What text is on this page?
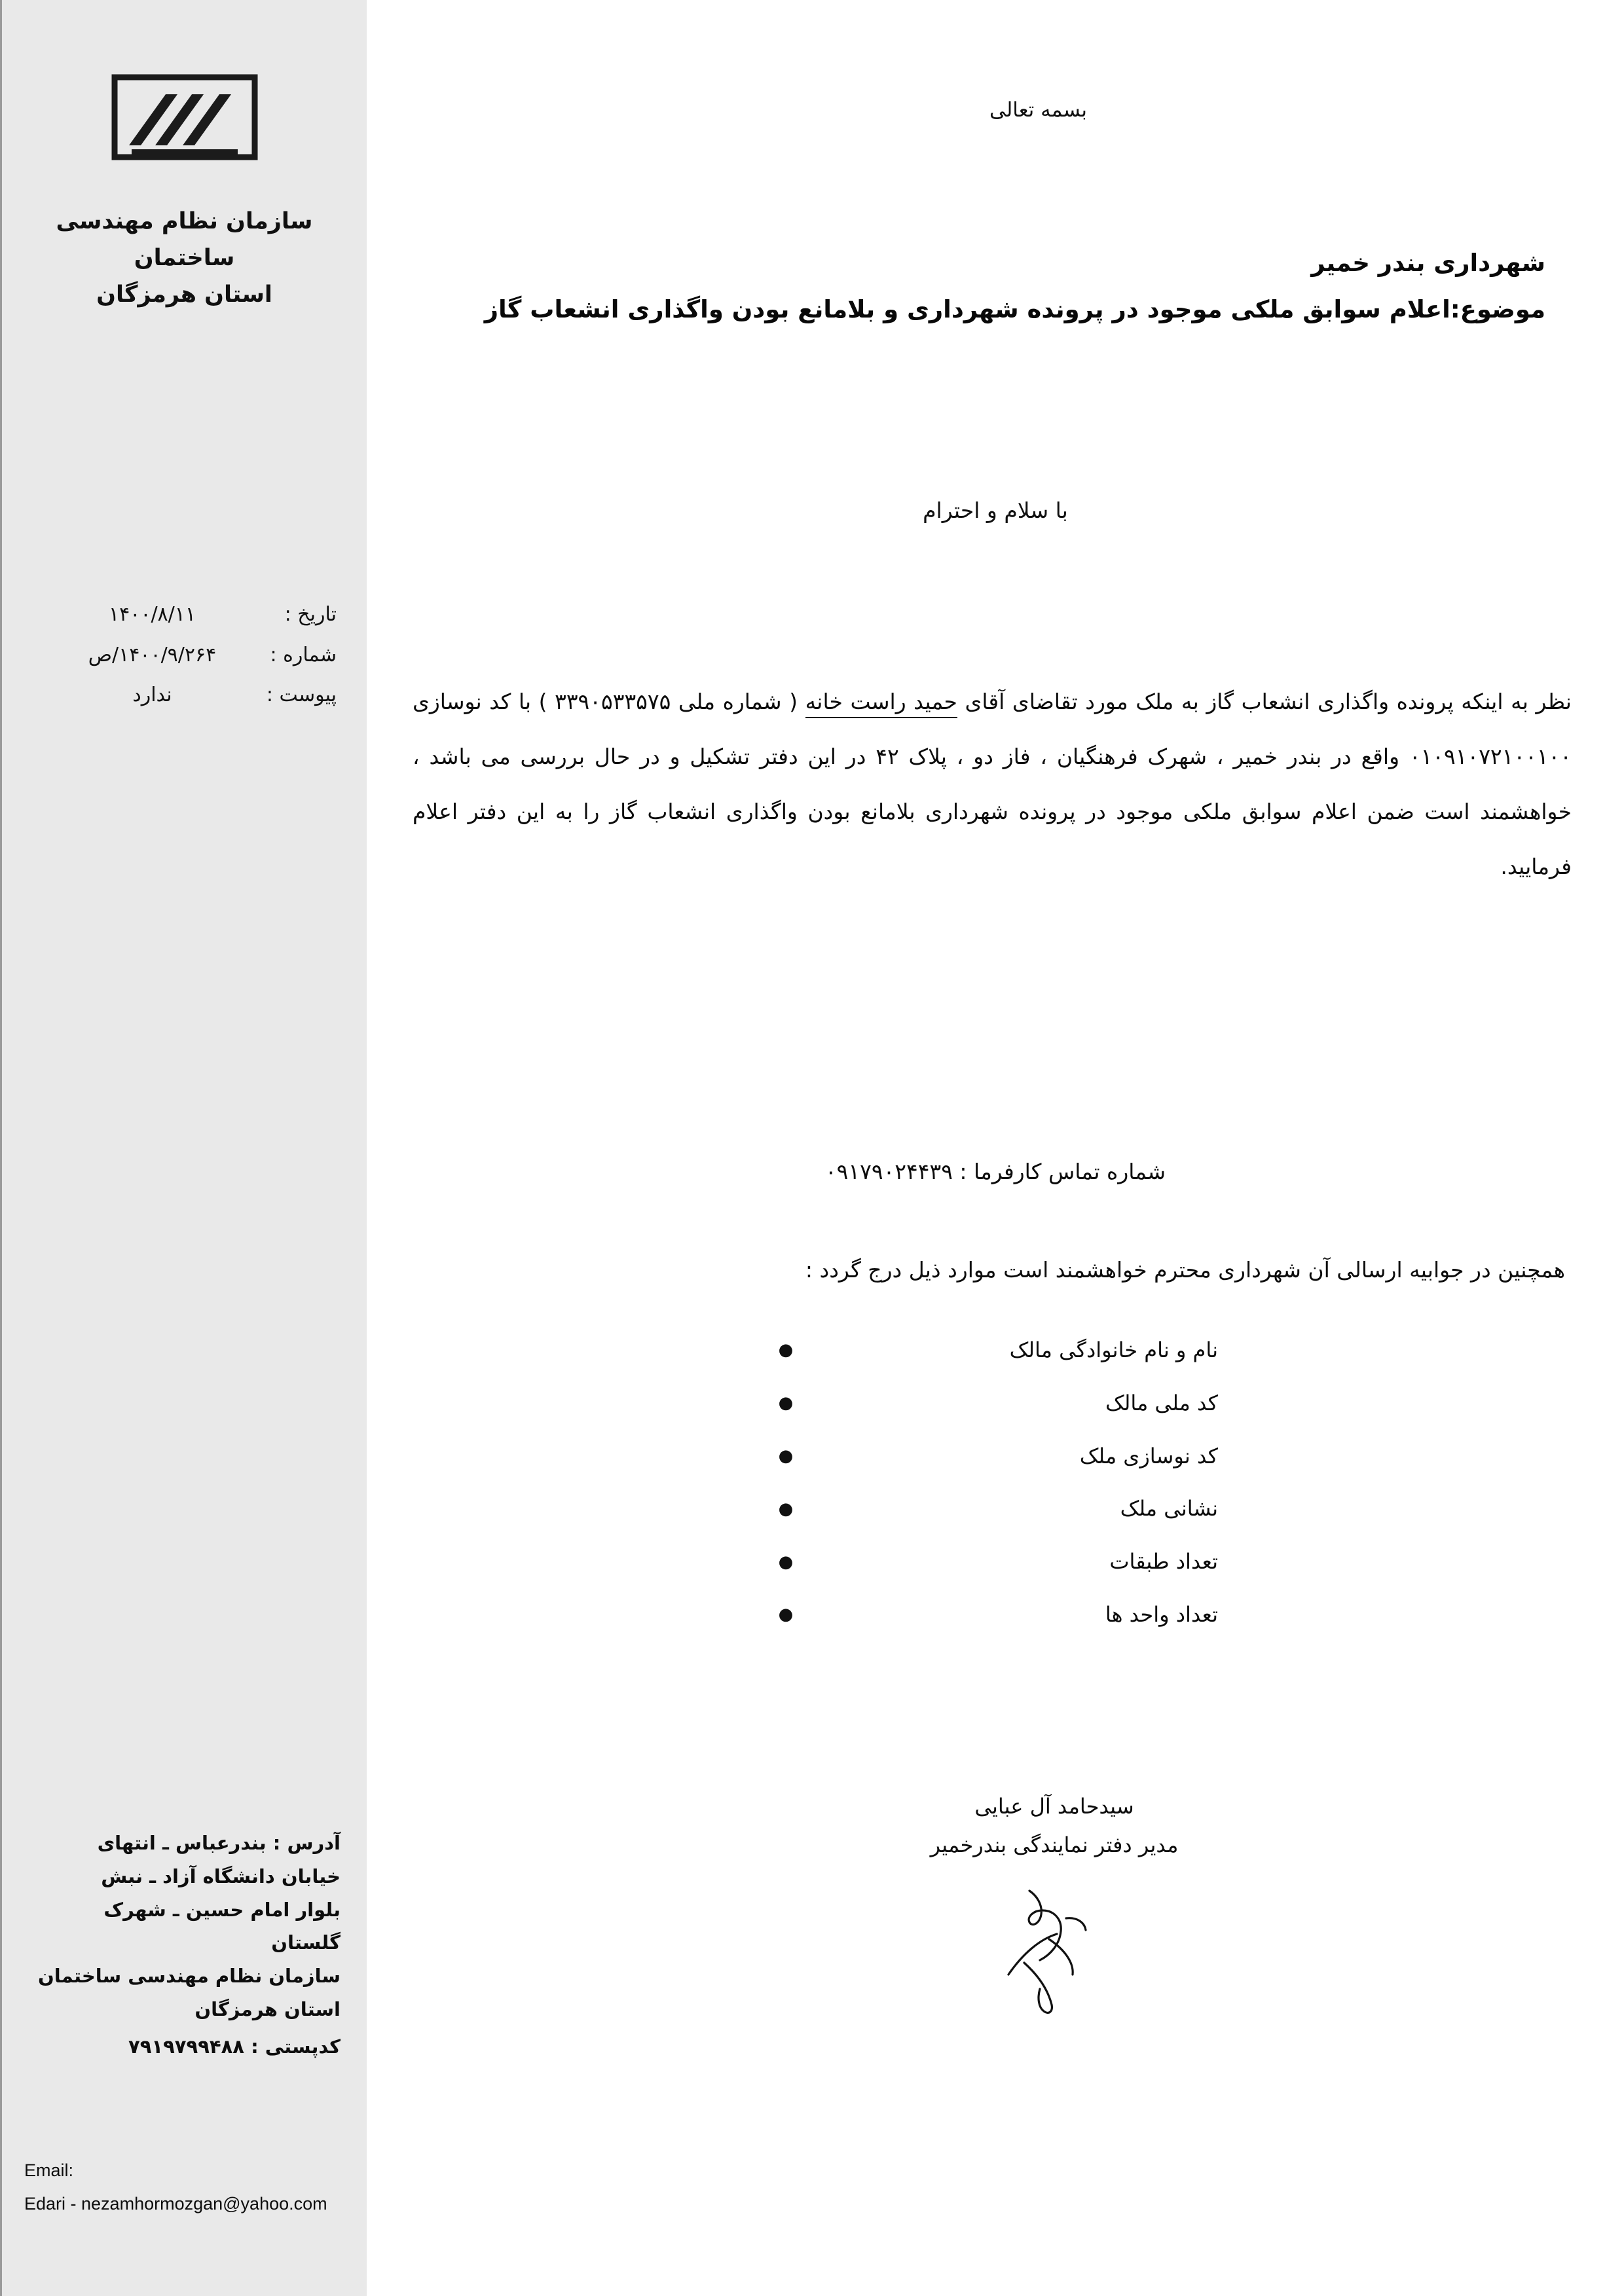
بسمه تعالی
شهرداری بندر خمیر
موضوع:اعلام سوابق ملکی موجود در پرونده شهرداری و بلامانع بودن واگذاری انشعاب گاز
با سلام و احترام
نظر به اینکه پرونده واگذاری انشعاب گاز به ملک مورد تقاضای آقای حمید راست خانه ( شماره ملی ۳۳۹۰۵۳۳۵۷۵ ) با کد نوسازی ۰۱۰۹۱۰۷۲۱۰۰۱۰۰ واقع در بندر خمیر ، شهرک فرهنگیان ، فاز دو ، پلاک ۴۲ در این دفتر تشکیل و در حال بررسی می باشد ، خواهشمند است ضمن اعلام سوابق ملکی موجود در پرونده شهرداری بلامانع بودن واگذاری انشعاب گاز را به این دفتر اعلام فرمایید.
شماره تماس کارفرما : ۰۹۱۷۹۰۲۴۴۳۹
همچنین در جوابیه ارسالی آن شهرداری محترم خواهشمند است موارد ذیل درج گردد :
نام و نام خانوادگی مالک
●
کد ملی مالک
●
کد نوسازی ملک
●
نشانی ملک
●
تعداد طبقات
●
تعداد واحد ها
●
سیدحامد آل عبایی
مدیر دفتر نمایندگی بندرخمیر
سازمان نظام مهندسی ساختمان
استان هرمزگان
تاریخ :
۱۴۰۰/۸/۱۱
شماره :
۱۴۰۰/۹/۲۶۴/ص
پیوست :
ندارد
آدرس : بندرعباس ـ انتهای
خیابان دانشگاه آزاد ـ نبش
بلوار امام حسین ـ شهرک
گلستان
سازمان نظام مهندسی ساختمان
استان هرمزگان
کدپستی : ۷۹۱۹۷۹۹۴۸۸
Email:
Edari - nezamhormozgan@yahoo.com
